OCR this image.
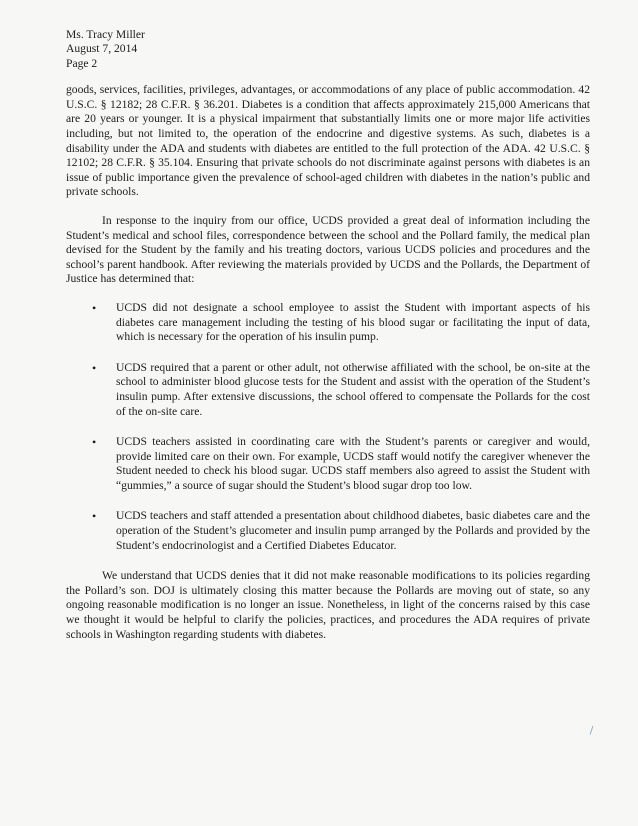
Ms. Tracy Miller
August 7, 2014
Page 2

goods, services, facilities, privileges, advantages, or accommodations of any place of public accommodation. 42 U.S.C. § 12182; 28 C.F.R. § 36.201. Diabetes is a condition that affects approximately 215,000 Americans that are 20 years or younger. It is a physical impairment that substantially limits one or more major life activities including, but not limited to, the operation of the endocrine and digestive systems. As such, diabetes is a disability under the ADA and students with diabetes are entitled to the full protection of the ADA. 42 U.S.C. § 12102; 28 C.F.R. § 35.104. Ensuring that private schools do not discriminate against persons with diabetes is an issue of public importance given the prevalence of school-aged children with diabetes in the nation’s public and private schools.

In response to the inquiry from our office, UCDS provided a great deal of information including the Student’s medical and school files, correspondence between the school and the Pollard family, the medical plan devised for the Student by the family and his treating doctors, various UCDS policies and procedures and the school’s parent handbook. After reviewing the materials provided by UCDS and the Pollards, the Department of Justice has determined that:

• UCDS did not designate a school employee to assist the Student with important aspects of his diabetes care management including the testing of his blood sugar or facilitating the input of data, which is necessary for the operation of his insulin pump.
• UCDS required that a parent or other adult, not otherwise affiliated with the school, be on-site at the school to administer blood glucose tests for the Student and assist with the operation of the Student’s insulin pump. After extensive discussions, the school offered to compensate the Pollards for the cost of the on-site care.
• UCDS teachers assisted in coordinating care with the Student’s parents or caregiver and would, provide limited care on their own. For example, UCDS staff would notify the caregiver whenever the Student needed to check his blood sugar. UCDS staff members also agreed to assist the Student with “gummies,” a source of sugar should the Student’s blood sugar drop too low.
• UCDS teachers and staff attended a presentation about childhood diabetes, basic diabetes care and the operation of the Student’s glucometer and insulin pump arranged by the Pollards and provided by the Student’s endocrinologist and a Certified Diabetes Educator.

We understand that UCDS denies that it did not make reasonable modifications to its policies regarding the Pollard’s son. DOJ is ultimately closing this matter because the Pollards are moving out of state, so any ongoing reasonable modification is no longer an issue. Nonetheless, in light of the concerns raised by this case we thought it would be helpful to clarify the policies, practices, and procedures the ADA requires of private schools in Washington regarding students with diabetes.
